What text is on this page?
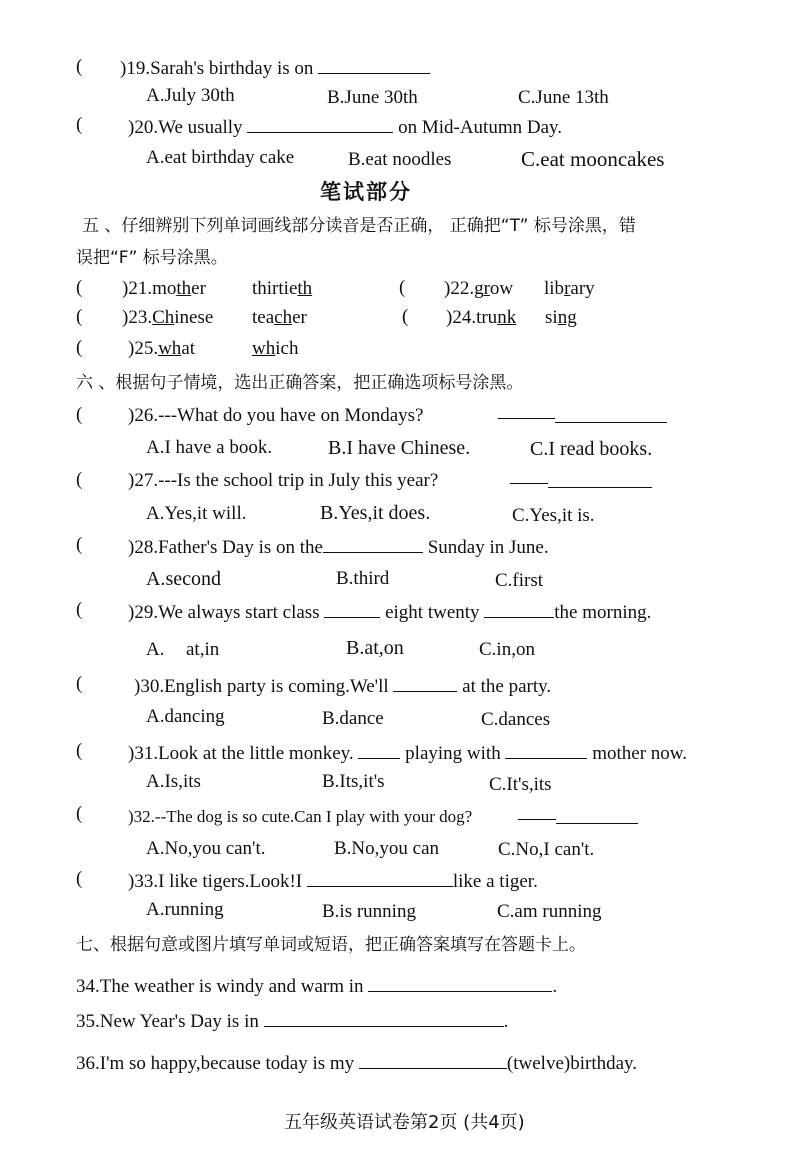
( )19.Sarah's birthday is on
A.July 30th	B.June 30th	C.June 13th
( )20.We usually	on Mid-Autumn Day.
A.eat birthday cake	B.eat noodles	C.eat mooncakes
笔试部分
五 、仔细辨别下列单词画线部分读音是否正确， 正确把“T” 标号涂黑，错
误把“F” 标号涂黑。
( )21.mother thirtieth	( )22.grow library
( )23.Chinese teacher	( )24.trunk sing
( )25.what	which
六 、根据句子情境，选出正确答案，把正确选项标号涂黑。
( )26.---What do you have on Mondays?	———
A.I have a book.	B.I have Chinese.	C.I read books.
( )27.---Is the school trip in July this year?	——
A.Yes,it will.	B.Yes,it does.	C.Yes,it is.
( )28.Father's Day is on the	Sunday in June.
A.second	B.third	C.first
( )29.We always start class	eight twenty	the morning.
A. at,in	B.at,on	C.in,on
(	)30.English party is coming.We'll	at the party.
A.dancing	B.dance	C.dances
( )31.Look at the little monkey.  playing with	mother now.
A.Is,its	B.Its,it's	C.It's,its
(	)32.--The dog is so cute.Can I play with your dog? ——
A.No,you can't.	B.No,you can	C.No,I can't.
( )33.I like tigers.Look!I	like a tiger.
A.running	B.is running	C.am running
七、根据句意或图片填写单词或短语，把正确答案填写在答题卡上。
34.The weather is windy and warm in	.
35.New Year's Day is in	.
36.I'm so happy,because today is my	(twelve)birthday.
五年级英语试卷第2页 (共4页)
